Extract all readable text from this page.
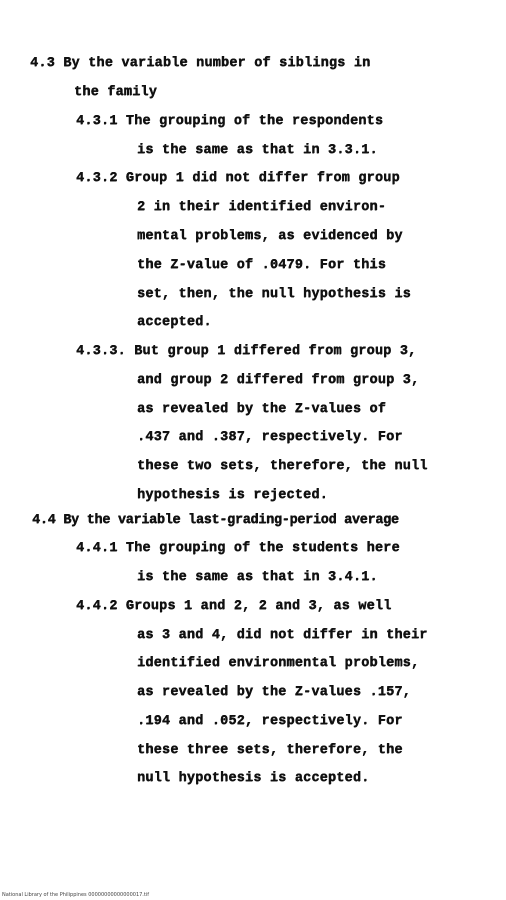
4.3 By the variable number of siblings in
the family
4.3.1 The grouping of the respondents
is the same as that in 3.3.1.
4.3.2 Group 1 did not differ from group
2 in their identified environ-
mental problems, as evidenced by
the Z-value of .0479. For this
set, then, the null hypothesis is
accepted.
4.3.3. But group 1 differed from group 3,
and group 2 differed from group 3,
as revealed by the Z-values of
.437 and .387, respectively. For
these two sets, therefore, the null
hypothesis is rejected.
4.4 By the variable last-grading-period average
4.4.1 The grouping of the students here
is the same as that in 3.4.1.
4.4.2 Groups 1 and 2, 2 and 3, as well
as 3 and 4, did not differ in their
identified environmental problems,
as revealed by the Z-values .157,
.194 and .052, respectively. For
these three sets, therefore, the
null hypothesis is accepted.
National Library of the Philippines 00000000000000017.tif
